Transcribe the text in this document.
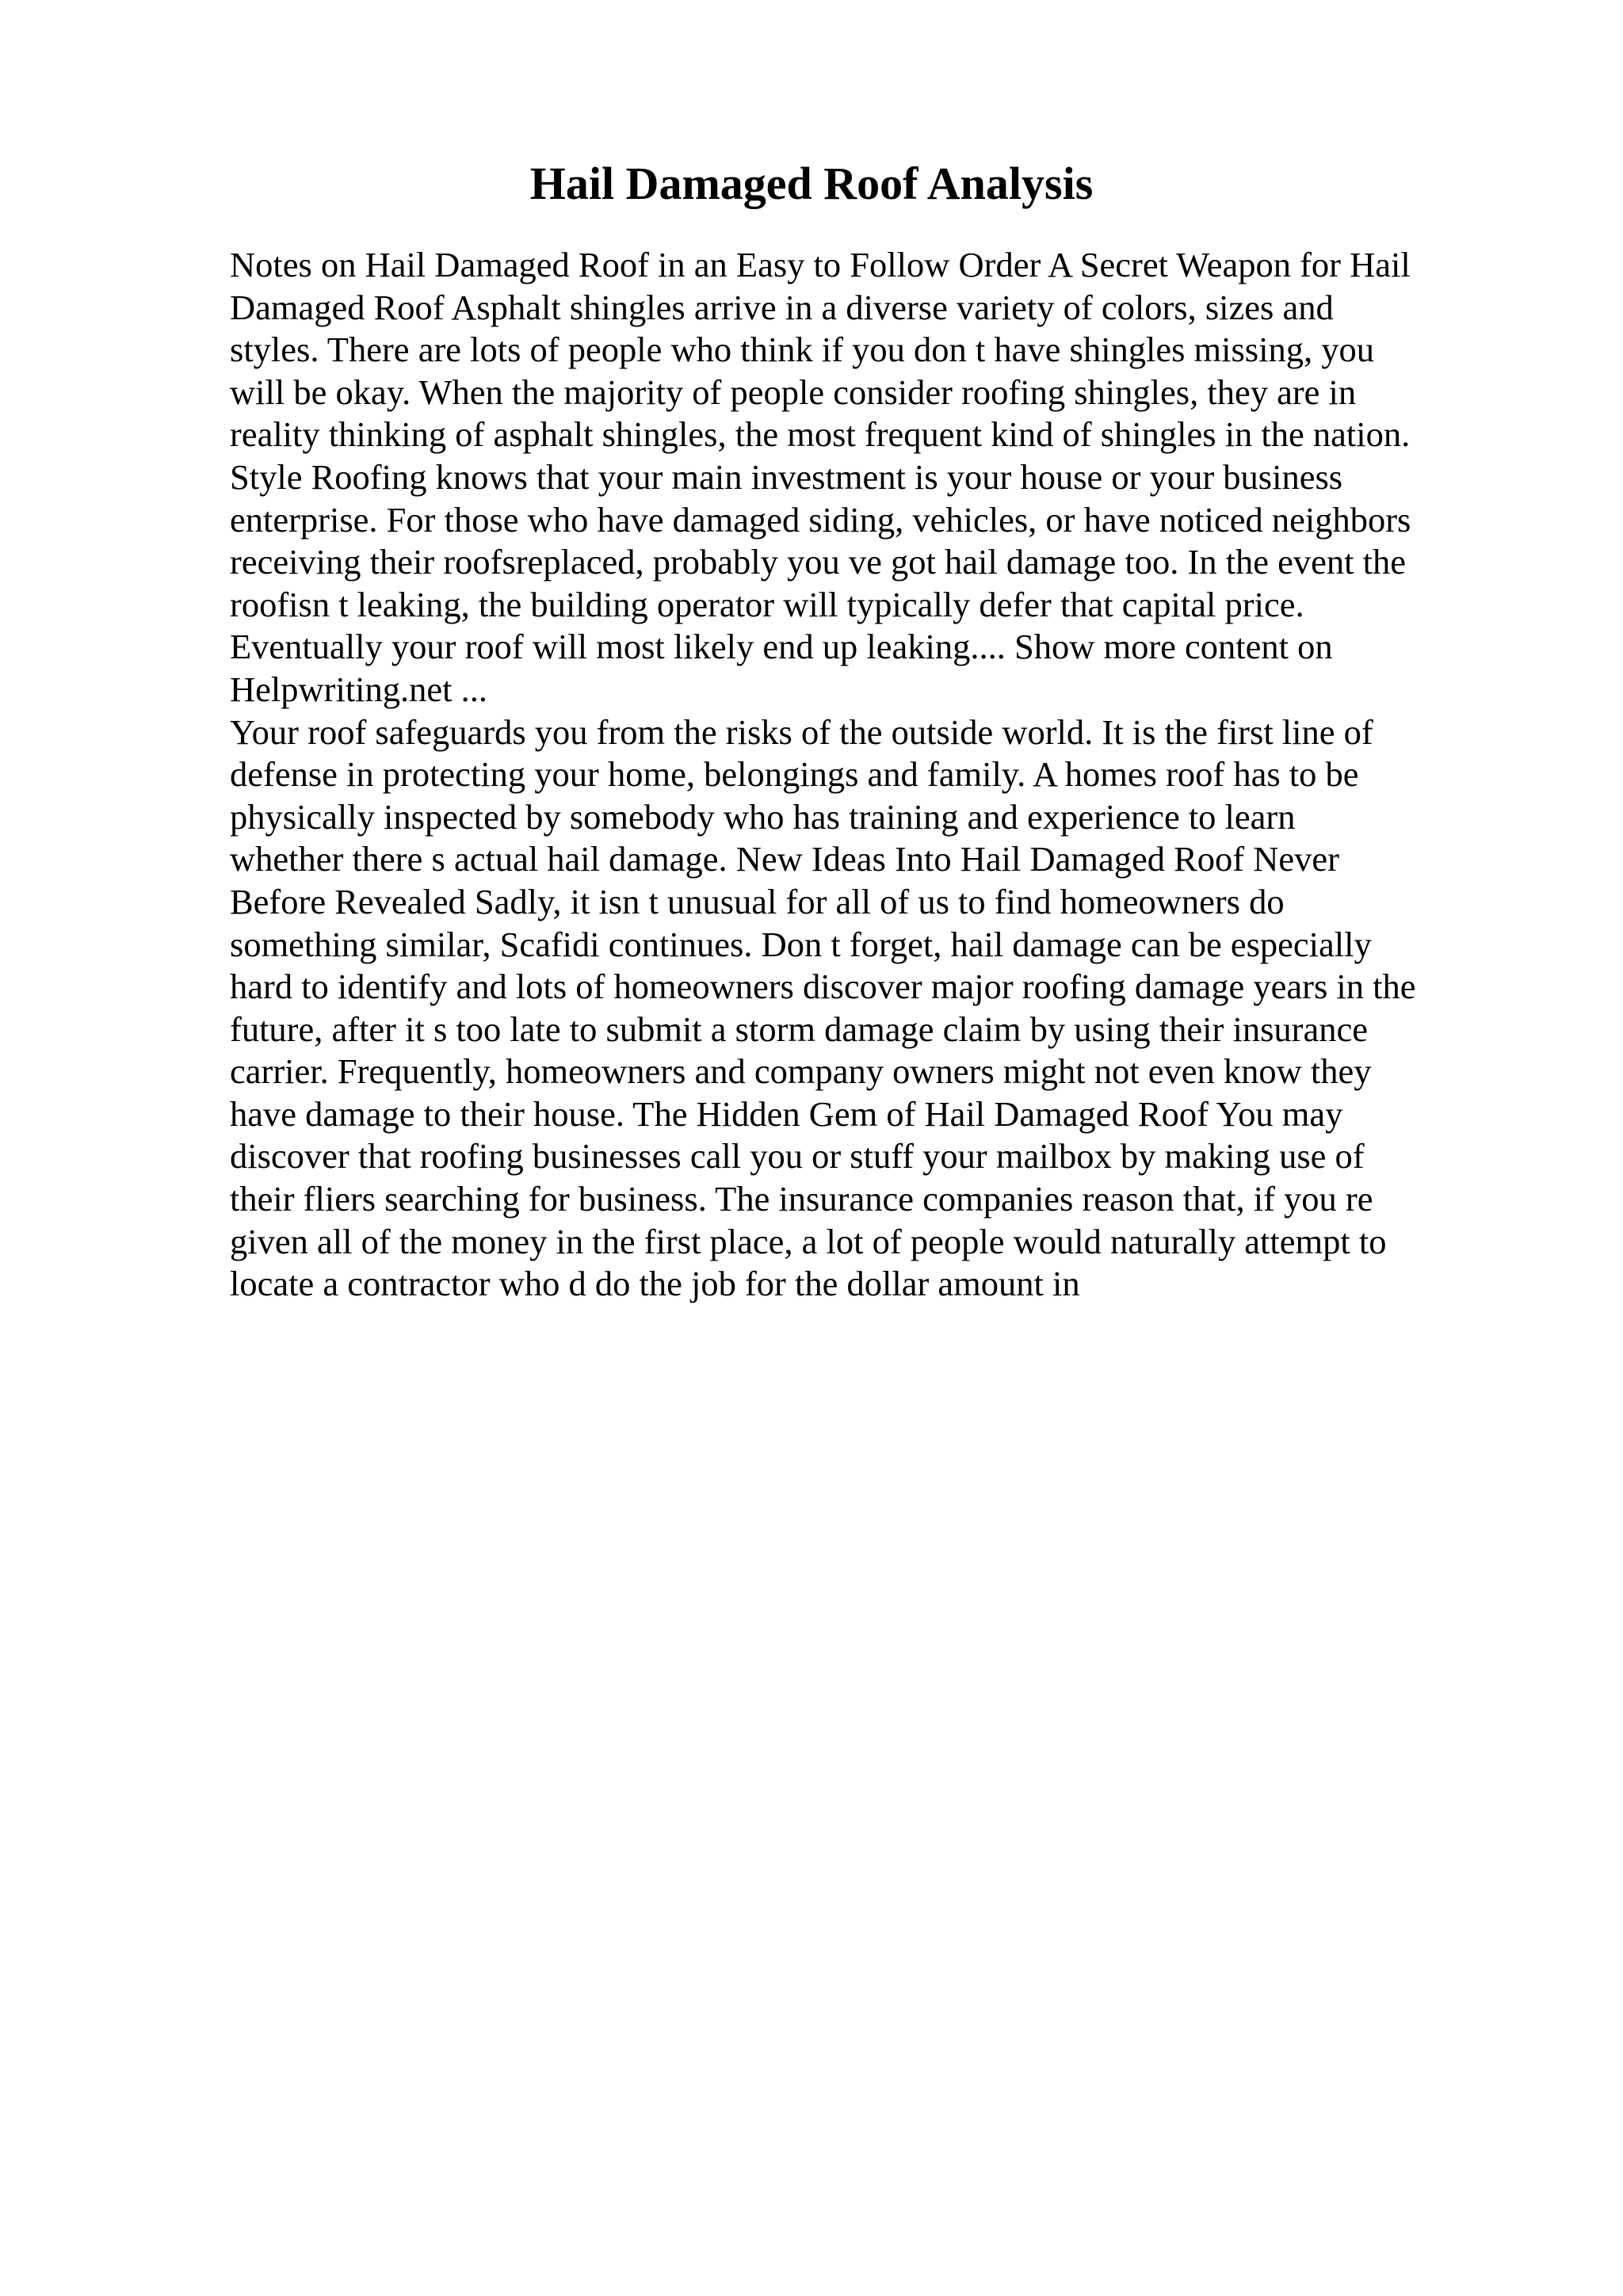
Hail Damaged Roof Analysis

Notes on Hail Damaged Roof in an Easy to Follow Order A Secret Weapon for Hail
Damaged Roof Asphalt shingles arrive in a diverse variety of colors, sizes and
styles. There are lots of people who think if you don t have shingles missing, you
will be okay. When the majority of people consider roofing shingles, they are in
reality thinking of asphalt shingles, the most frequent kind of shingles in the nation.
Style Roofing knows that your main investment is your house or your business
enterprise. For those who have damaged siding, vehicles, or have noticed neighbors
receiving their roofsreplaced, probably you ve got hail damage too. In the event the
roofisn t leaking, the building operator will typically defer that capital price.
Eventually your roof will most likely end up leaking.... Show more content on
Helpwriting.net ...

Your roof safeguards you from the risks of the outside world. It is the first line of
defense in protecting your home, belongings and family. A homes roof has to be
physically inspected by somebody who has training and experience to learn
whether there s actual hail damage. New Ideas Into Hail Damaged Roof Never
Before Revealed Sadly, it isn t unusual for all of us to find homeowners do
something similar, Scafidi continues. Don t forget, hail damage can be especially
hard to identify and lots of homeowners discover major roofing damage years in the
future, after it s too late to submit a storm damage claim by using their insurance
carrier. Frequently, homeowners and company owners might not even know they
have damage to their house. The Hidden Gem of Hail Damaged Roof You may
discover that roofing businesses call you or stuff your mailbox by making use of
their fliers searching for business. The insurance companies reason that, if you re
given all of the money in the first place, a lot of people would naturally attempt to
locate a contractor who d do the job for the dollar amount in
